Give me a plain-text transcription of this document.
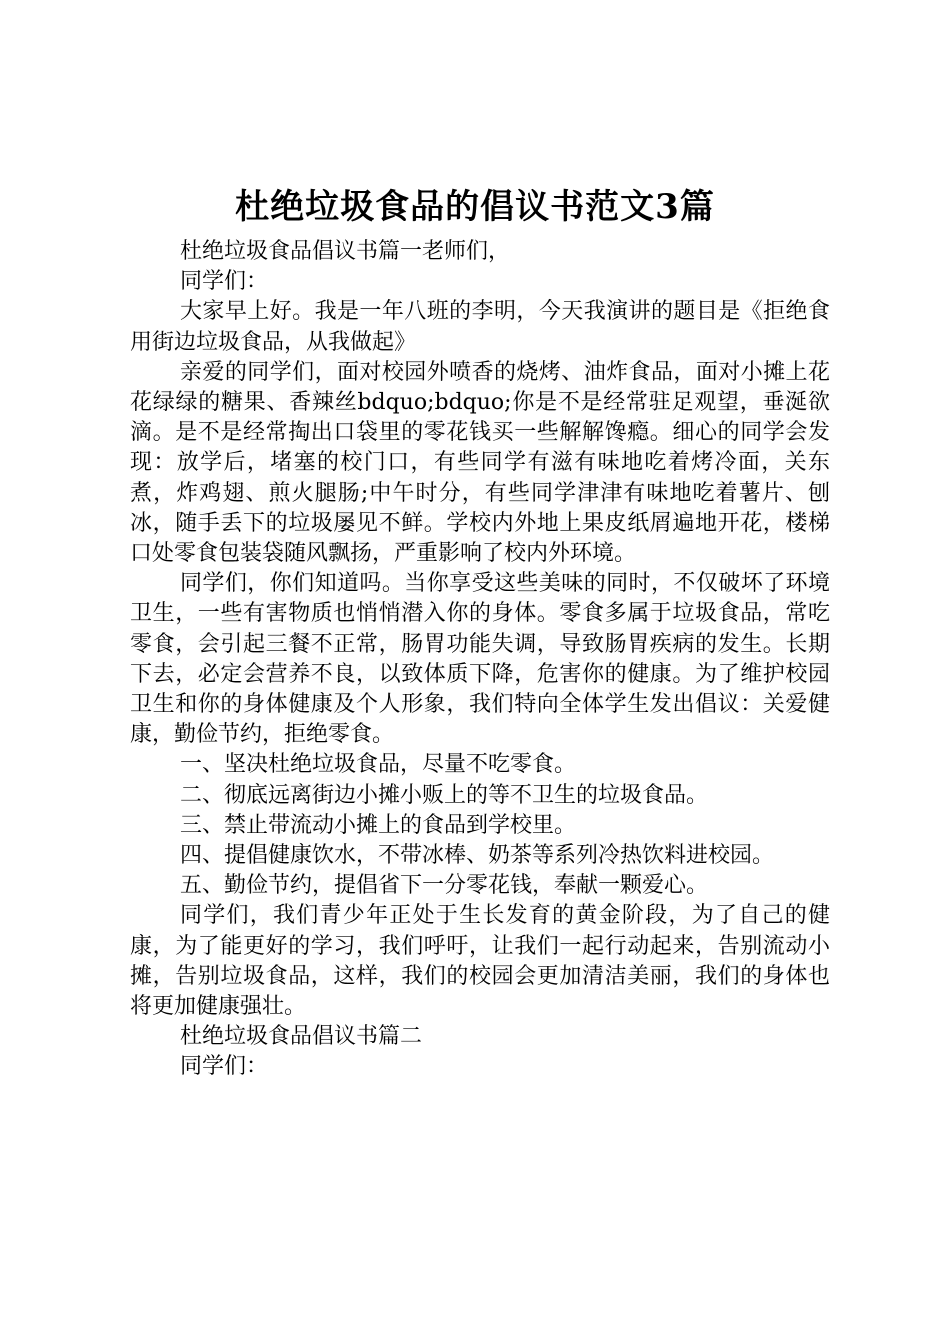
杜绝垃圾食品的倡议书范文3篇

杜绝垃圾食品倡议书篇一老师们，

同学们：

大家早上好。我是一年八班的李明，今天我演讲的题目是《拒绝食用街边垃圾食品，从我做起》

亲爱的同学们，面对校园外喷香的烧烤、油炸食品，面对小摊上花花绿绿的糖果、香辣丝bdquo;bdquo;你是不是经常驻足观望，垂涎欲滴。是不是经常掏出口袋里的零花钱买一些解解馋瘾。细心的同学会发现：放学后，堵塞的校门口，有些同学有滋有味地吃着烤冷面，关东煮，炸鸡翅、煎火腿肠;中午时分，有些同学津津有味地吃着薯片、刨冰，随手丢下的垃圾屡见不鲜。学校内外地上果皮纸屑遍地开花，楼梯口处零食包装袋随风飘扬，严重影响了校内外环境。

同学们，你们知道吗。当你享受这些美味的同时，不仅破坏了环境卫生，一些有害物质也悄悄潜入你的身体。零食多属于垃圾食品，常吃零食，会引起三餐不正常，肠胃功能失调，导致肠胃疾病的发生。长期下去，必定会营养不良，以致体质下降，危害你的健康。为了维护校园卫生和你的身体健康及个人形象，我们特向全体学生发出倡议：关爱健康，勤俭节约，拒绝零食。

一、坚决杜绝垃圾食品，尽量不吃零食。

二、彻底远离街边小摊小贩上的等不卫生的垃圾食品。

三、禁止带流动小摊上的食品到学校里。

四、提倡健康饮水，不带冰棒、奶茶等系列冷热饮料进校园。

五、勤俭节约，提倡省下一分零花钱，奉献一颗爱心。

同学们，我们青少年正处于生长发育的黄金阶段，为了自己的健康，为了能更好的学习，我们呼吁，让我们一起行动起来，告别流动小摊，告别垃圾食品，这样，我们的校园会更加清洁美丽，我们的身体也将更加健康强壮。

杜绝垃圾食品倡议书篇二

同学们：
